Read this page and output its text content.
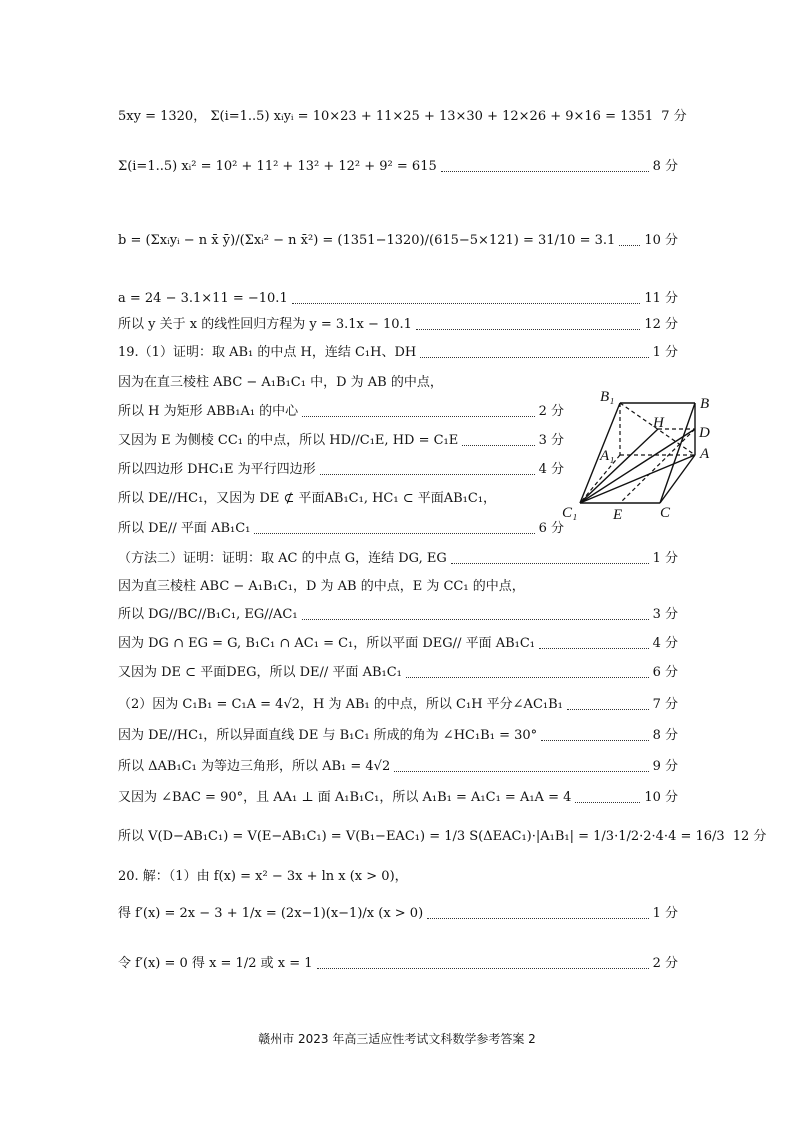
5xy = 1320， Σ(i=1..5) xᵢyᵢ = 10×23 + 11×25 + 13×30 + 12×26 + 9×16 = 1351 7 分
Σ(i=1..5) xᵢ² = 10² + 11² + 13² + 12² + 9² = 615	8 分
b = (Σxᵢyᵢ − n x̄ ȳ)/(Σxᵢ² − n x̄²) = (1351−1320)/(615−5×121) = 31/10 = 3.1 10 分
a = 24 − 3.1×11 = −10.1	11 分
所以 y 关于 x 的线性回归方程为 y = 3.1x − 10.1	12 分
19.（1）证明：取 AB₁ 的中点 H，连结 C₁H、DH	1 分
因为在直三棱柱 ABC − A₁B₁C₁ 中，D 为 AB 的中点，
所以 H 为矩形 ABB₁A₁ 的中心	2 分
又因为 E 为侧棱 CC₁ 的中点，所以 HD//C₁E, HD = C₁E	3 分
所以四边形 DHC₁E 为平行四边形	4 分
所以 DE//HC₁，又因为 DE ⊄ 平面AB₁C₁, HC₁ ⊂ 平面AB₁C₁，
所以 DE// 平面 AB₁C₁	6 分
（方法二）证明：证明：取 AC 的中点 G，连结 DG, EG	1 分
因为直三棱柱 ABC − A₁B₁C₁，D 为 AB 的中点，E 为 CC₁ 的中点，
所以 DG//BC//B₁C₁, EG//AC₁	3 分
因为 DG ∩ EG = G, B₁C₁ ∩ AC₁ = C₁，所以平面 DEG// 平面 AB₁C₁	4 分
又因为 DE ⊂ 平面DEG，所以 DE// 平面 AB₁C₁	6 分
（2）因为 C₁B₁ = C₁A = 4√2，H 为 AB₁ 的中点，所以 C₁H 平分∠AC₁B₁	7 分
因为 DE//HC₁，所以异面直线 DE 与 B₁C₁ 所成的角为 ∠HC₁B₁ = 30°	8 分
所以 ΔAB₁C₁ 为等边三角形，所以 AB₁ = 4√2	9 分
又因为 ∠BAC = 90°，且 AA₁ ⊥ 面 A₁B₁C₁，所以 A₁B₁ = A₁C₁ = A₁A = 4	10 分
所以 V(D−AB₁C₁) = V(E−AB₁C₁) = V(B₁−EAC₁) = 1/3 S(ΔEAC₁)·|A₁B₁| = 1/3·1/2·2·4·4 = 16/3 12 分
20. 解：（1）由 f(x) = x² − 3x + ln x (x > 0)，
得 f′(x) = 2x − 3 + 1/x = (2x−1)(x−1)/x (x > 0)	1 分
令 f′(x) = 0 得 x = 1/2 或 x = 1	2 分
B₁	B
H
D
A₁	A
C₁ E	C
赣州市 2023 年高三适应性考试文科数学参考答案 2
